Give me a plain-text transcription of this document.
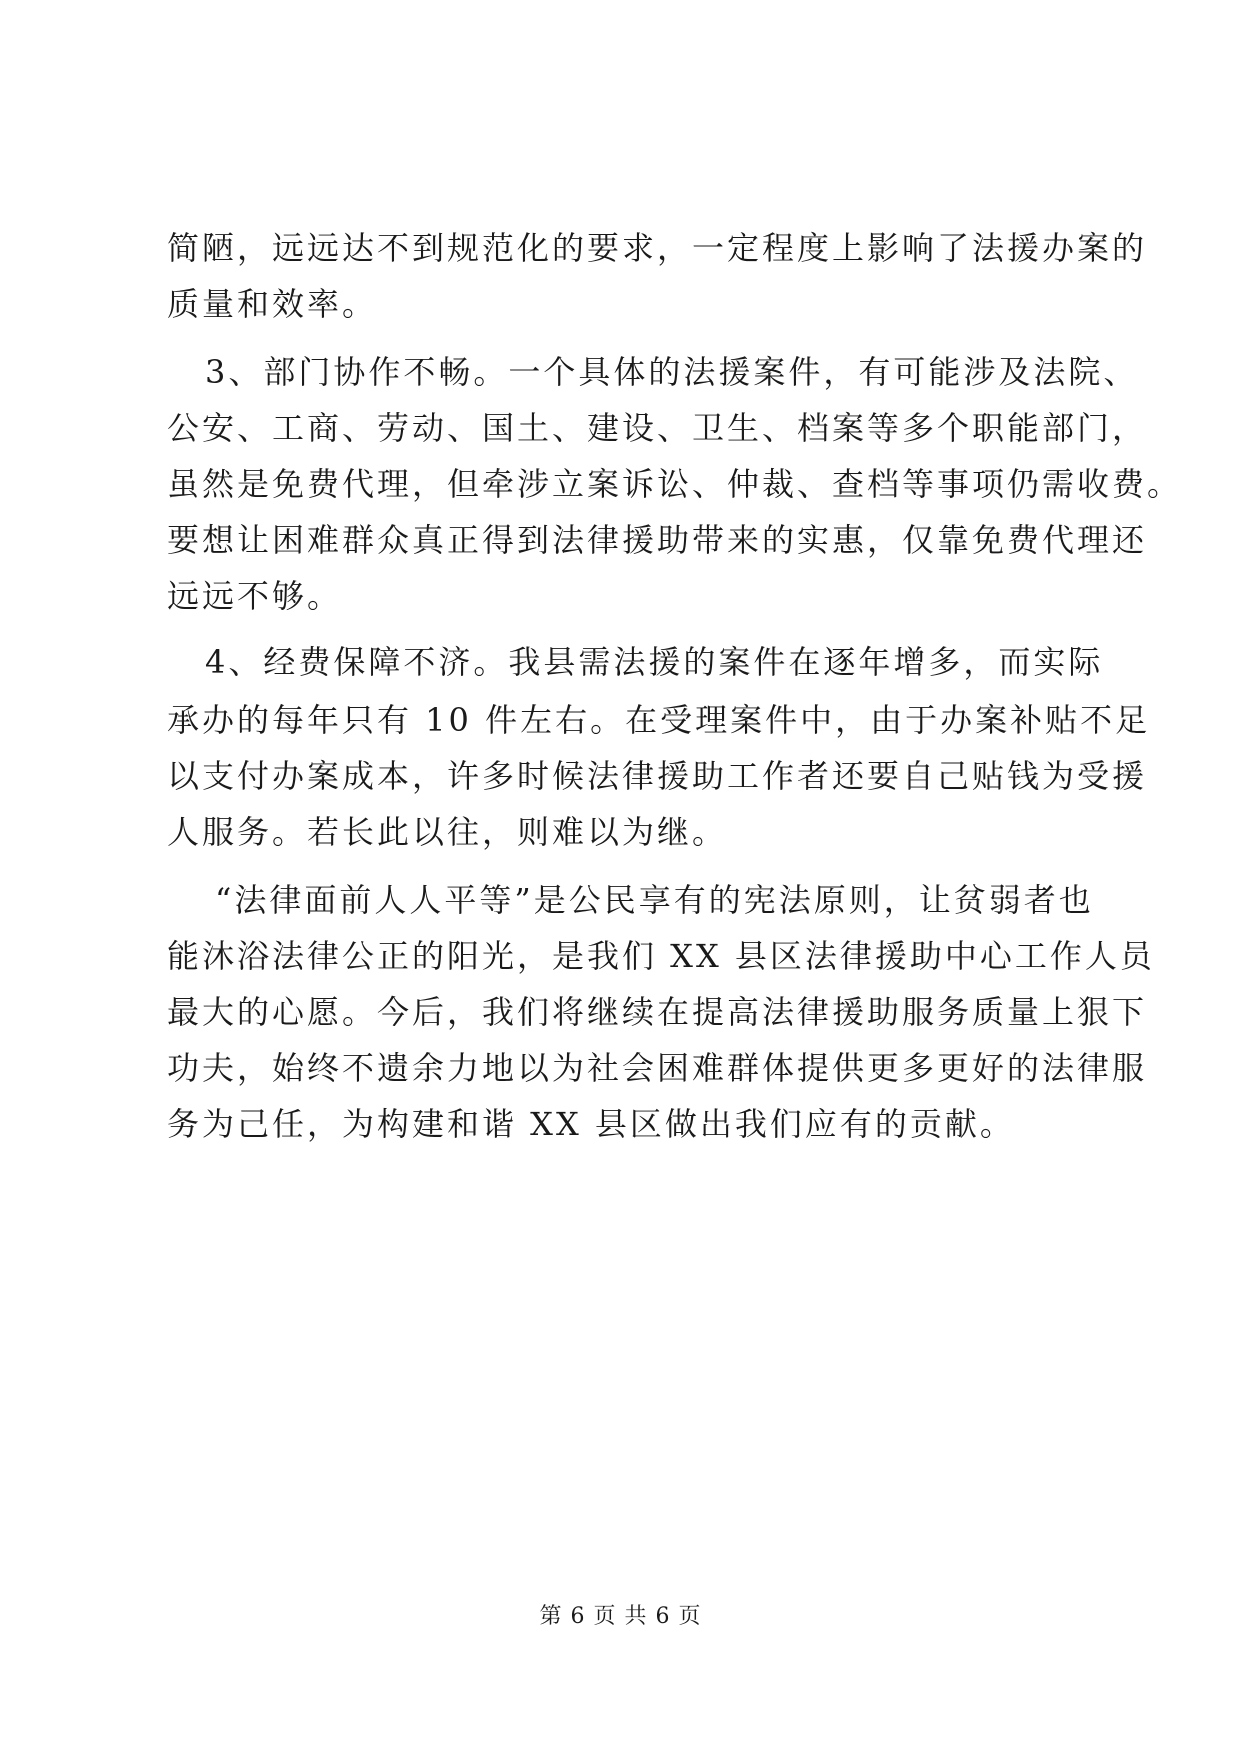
简陋，远远达不到规范化的要求，一定程度上影响了法援办案的
质量和效率。
3、部门协作不畅。一个具体的法援案件，有可能涉及法院、
公安、工商、劳动、国土、建设、卫生、档案等多个职能部门，
虽然是免费代理，但牵涉立案诉讼、仲裁、查档等事项仍需收费。
要想让困难群众真正得到法律援助带来的实惠，仅靠免费代理还
远远不够。
4、经费保障不济。我县需法援的案件在逐年增多，而实际
承办的每年只有 10 件左右。在受理案件中，由于办案补贴不足
以支付办案成本，许多时候法律援助工作者还要自己贴钱为受援
人服务。若长此以往，则难以为继。
“法律面前人人平等”是公民享有的宪法原则，让贫弱者也
能沐浴法律公正的阳光，是我们 XX 县区法律援助中心工作人员
最大的心愿。今后，我们将继续在提高法律援助服务质量上狠下
功夫，始终不遗余力地以为社会困难群体提供更多更好的法律服
务为己任，为构建和谐 XX 县区做出我们应有的贡献。
第 6 页 共 6 页
